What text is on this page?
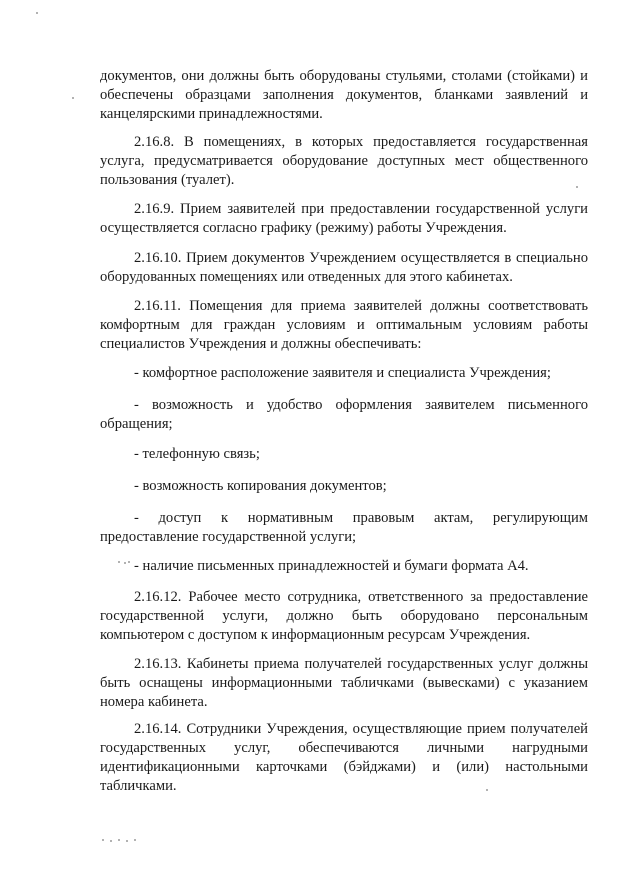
документов, они должны быть оборудованы стульями, столами (стойками) и обеспечены образцами заполнения документов, бланками заявлений и канцелярскими принадлежностями.

2.16.8. В помещениях, в которых предоставляется государственная услуга, предусматривается оборудование доступных мест общественного пользования (туалет).

2.16.9. Прием заявителей при предоставлении государственной услуги осуществляется согласно графику (режиму) работы Учреждения.

2.16.10. Прием документов Учреждением осуществляется в специально оборудованных помещениях или отведенных для этого кабинетах.

2.16.11. Помещения для приема заявителей должны соответствовать комфортным для граждан условиям и оптимальным условиям работы специалистов Учреждения и должны обеспечивать:

- комфортное расположение заявителя и специалиста Учреждения;

- возможность и удобство оформления заявителем письменного обращения;

- телефонную связь;

- возможность копирования документов;

- доступ к нормативным правовым актам, регулирующим

предоставление государственной услуги;

- наличие письменных принадлежностей и бумаги формата А4.

2.16.12. Рабочее место сотрудника, ответственного за предоставление государственной услуги, должно быть оборудовано персональным компьютером с доступом к информационным ресурсам Учреждения.

2.16.13. Кабинеты приема получателей государственных услуг должны быть оснащены информационными табличками (вывесками) с указанием номера кабинета.

2.16.14. Сотрудники Учреждения, осуществляющие прием получателей государственных услуг, обеспечиваются личными нагрудными идентификационными карточками (бэйджами) и (или) настольными табличками.
